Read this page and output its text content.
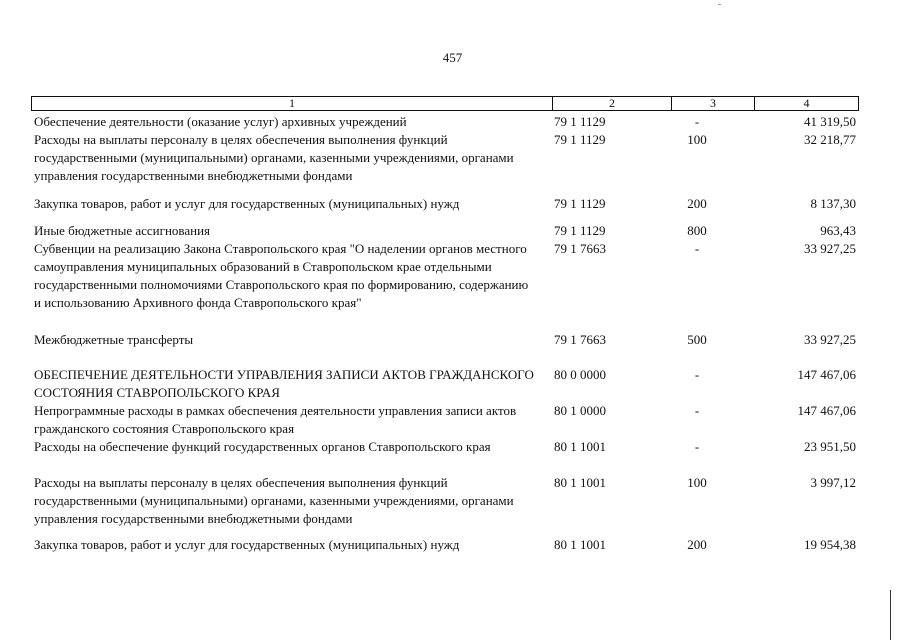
457
1	2	3	4
Обеспечение деятельности (оказание услуг) архивных учреждений	79 1 1129	-	41 319,50
Расходы на выплаты персоналу в целях обеспечения выполнения функций государственными (муниципальными) органами, казенными учреждениями, органами управления государственными внебюджетными фондами
79 1 1129	100	32 218,77
Закупка товаров, работ и услуг для государственных (муниципальных) нужд	79 1 1129	200	8 137,30
Иные бюджетные ассигнования	79 1 1129	800	963,43
Субвенции на реализацию Закона Ставропольского края "О наделении органов местного самоуправления муниципальных образований в Ставропольском крае отдельными государственными полномочиями Ставропольского края по формированию, содержанию и использованию Архивного фонда Ставропольского края"
79 1 7663	-	33 927,25
Межбюджетные трансферты	79 1 7663	500	33 927,25
ОБЕСПЕЧЕНИЕ ДЕЯТЕЛЬНОСТИ УПРАВЛЕНИЯ ЗАПИСИ АКТОВ ГРАЖДАНСКОГО СОСТОЯНИЯ СТАВРОПОЛЬСКОГО КРАЯ
80 0 0000	-	147 467,06
Непрограммные расходы в рамках обеспечения деятельности управления записи актов гражданского состояния Ставропольского края
80 1 0000	-	147 467,06
Расходы на обеспечение функций государственных органов Ставропольского края	80 1 1001	-	23 951,50
Расходы на выплаты персоналу в целях обеспечения выполнения функций государственными (муниципальными) органами, казенными учреждениями, органами управления государственными внебюджетными фондами
80 1 1001	100	3 997,12
Закупка товаров, работ и услуг для государственных (муниципальных) нужд	80 1 1001	200	19 954,38
